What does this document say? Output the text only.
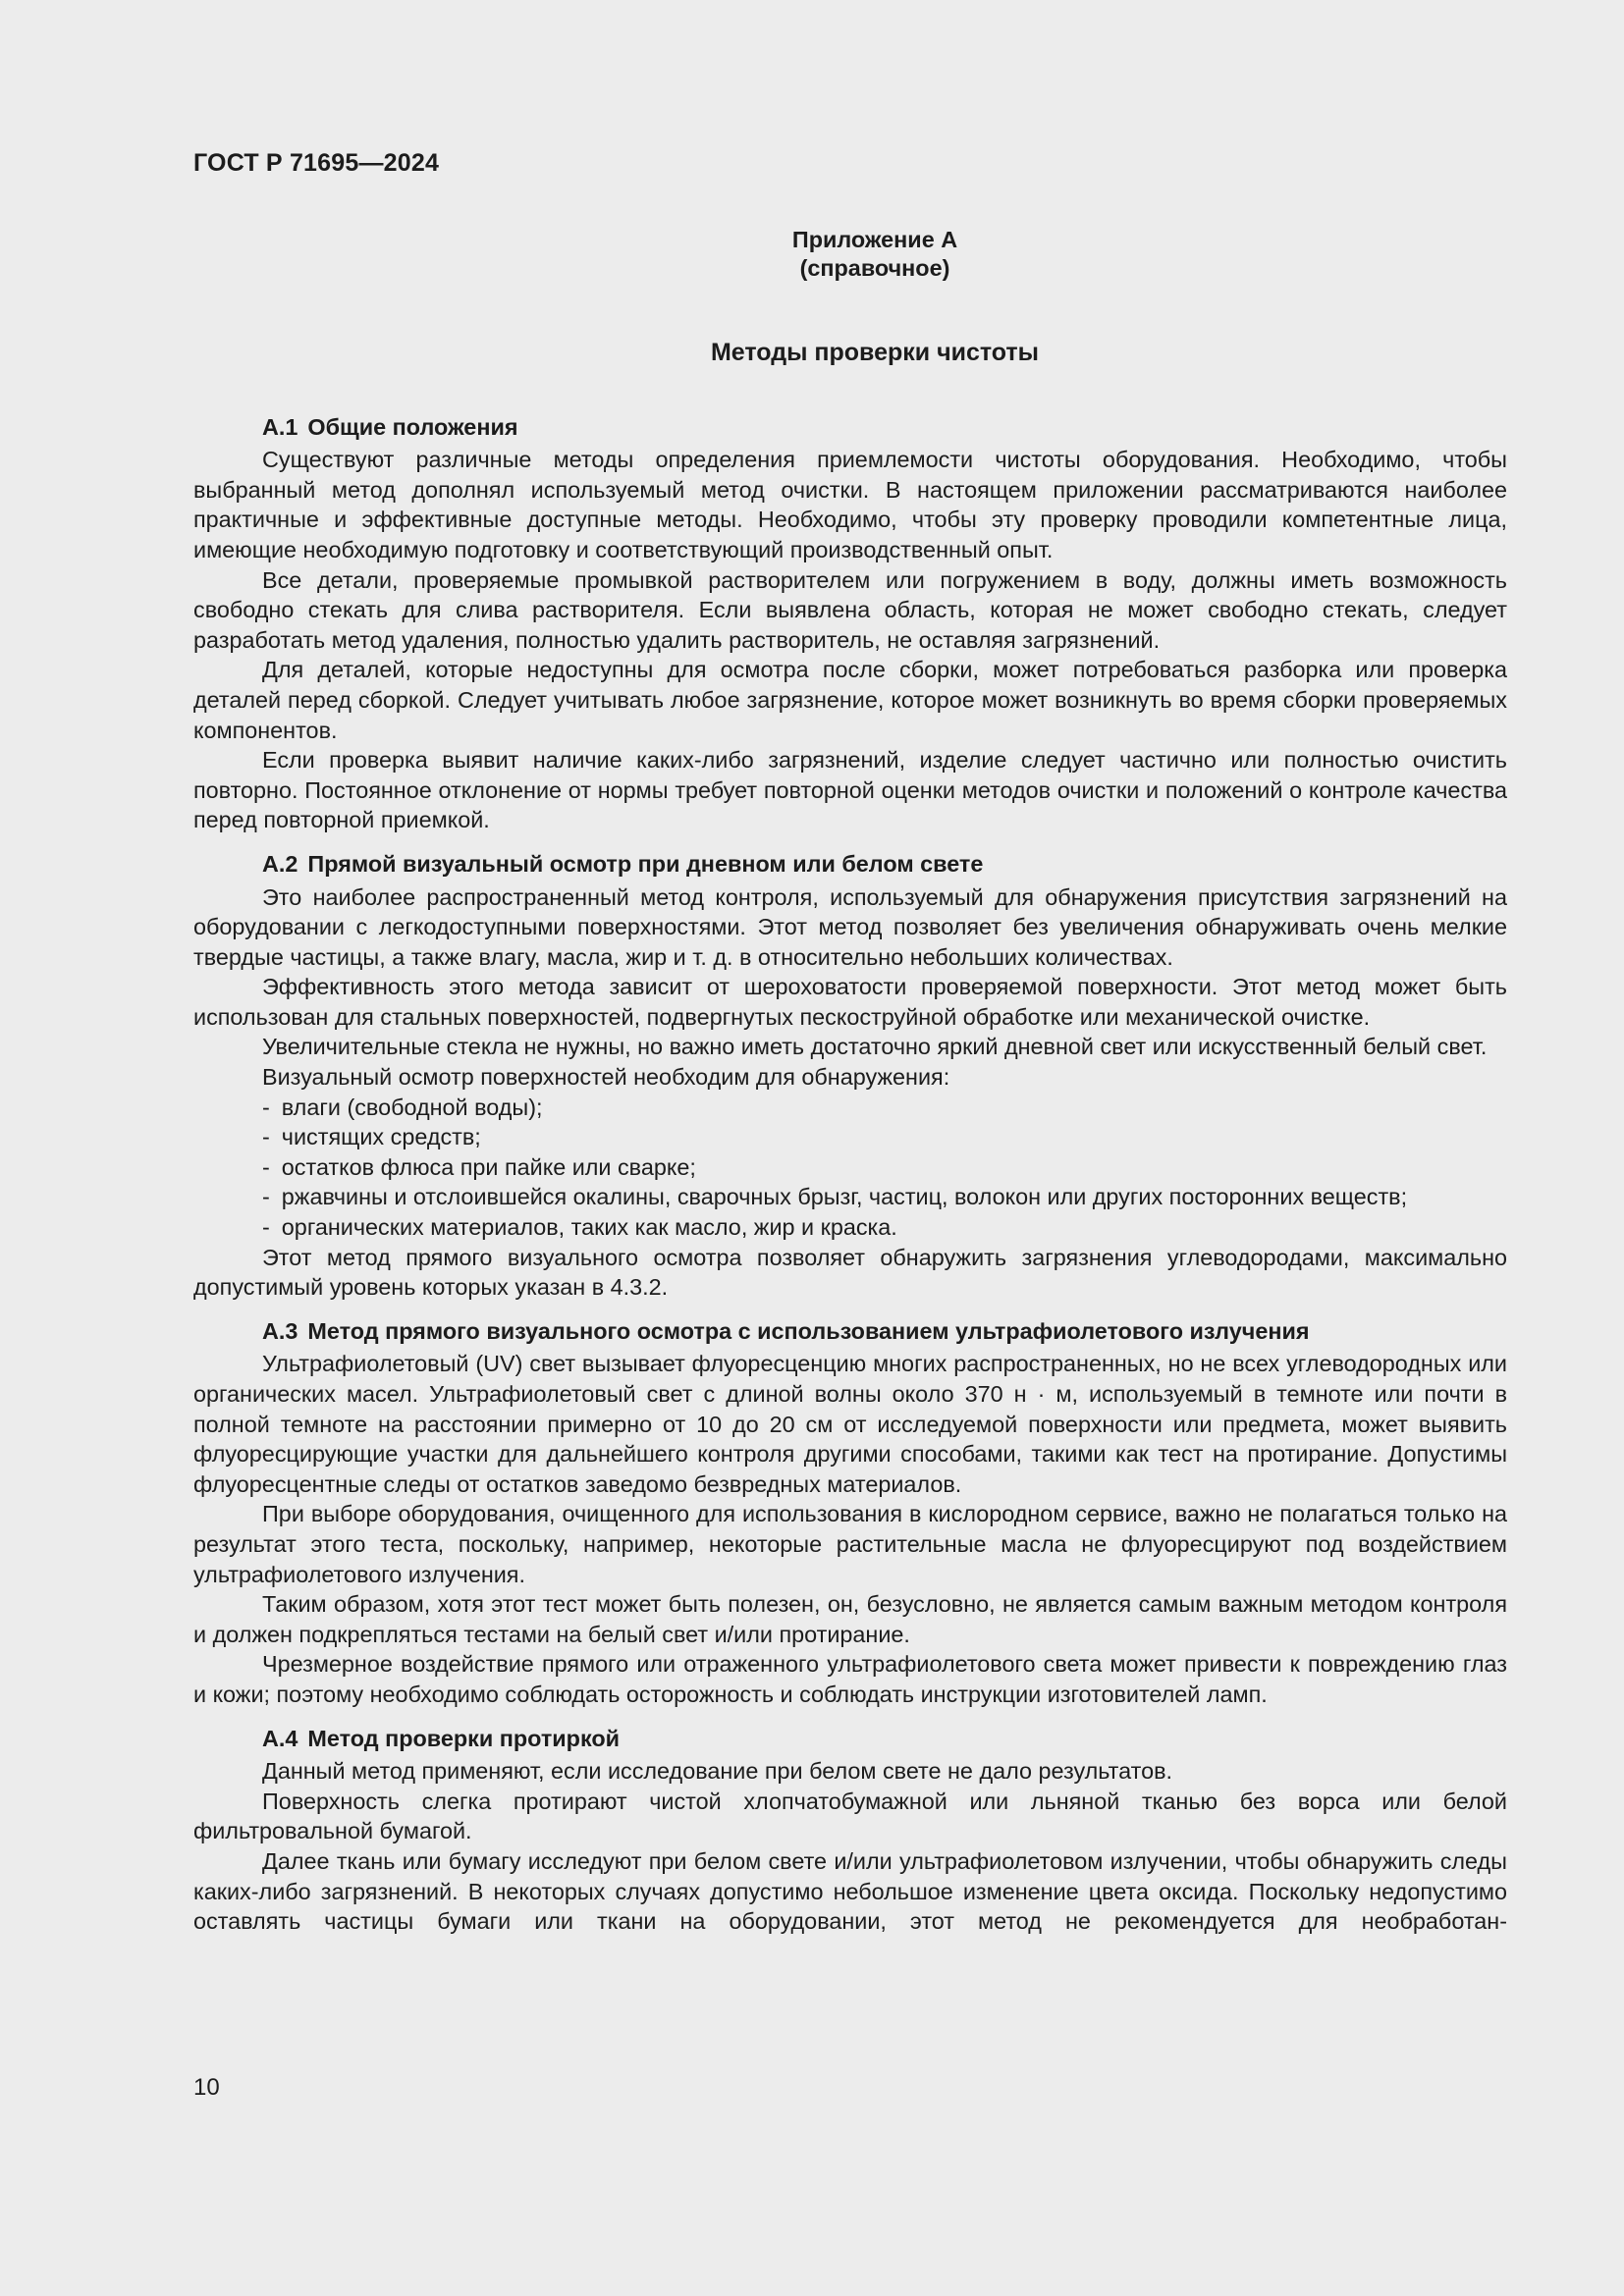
ГОСТ Р 71695—2024
Приложение А
(справочное)
Методы проверки чистоты
А.1 Общие положения

Существуют различные методы определения приемлемости чистоты оборудования. Необходимо, чтобы выбранный метод дополнял используемый метод очистки. В настоящем приложении рассматриваются наиболее практичные и эффективные доступные методы. Необходимо, чтобы эту проверку проводили компетентные лица, имеющие необходимую подготовку и соответствующий производственный опыт.

Все детали, проверяемые промывкой растворителем или погружением в воду, должны иметь возможность свободно стекать для слива растворителя. Если выявлена область, которая не может свободно стекать, следует разработать метод удаления, полностью удалить растворитель, не оставляя загрязнений.

Для деталей, которые недоступны для осмотра после сборки, может потребоваться разборка или проверка деталей перед сборкой. Следует учитывать любое загрязнение, которое может возникнуть во время сборки проверяемых компонентов.

Если проверка выявит наличие каких-либо загрязнений, изделие следует частично или полностью очистить повторно. Постоянное отклонение от нормы требует повторной оценки методов очистки и положений о контроле качества перед повторной приемкой.

А.2 Прямой визуальный осмотр при дневном или белом свете

Это наиболее распространенный метод контроля, используемый для обнаружения присутствия загрязнений на оборудовании с легкодоступными поверхностями. Этот метод позволяет без увеличения обнаруживать очень мелкие твердые частицы, а также влагу, масла, жир и т. д. в относительно небольших количествах.

Эффективность этого метода зависит от шероховатости проверяемой поверхности. Этот метод может быть использован для стальных поверхностей, подвергнутых пескоструйной обработке или механической очистке.

Увеличительные стекла не нужны, но важно иметь достаточно яркий дневной свет или искусственный белый свет.

Визуальный осмотр поверхностей необходим для обнаружения:

- влаги (свободной воды);
- чистящих средств;
- остатков флюса при пайке или сварке;
- ржавчины и отслоившейся окалины, сварочных брызг, частиц, волокон или других посторонних веществ;
- органических материалов, таких как масло, жир и краска.

Этот метод прямого визуального осмотра позволяет обнаружить загрязнения углеводородами, максимально допустимый уровень которых указан в 4.3.2.

А.3 Метод прямого визуального осмотра с использованием ультрафиолетового излучения

Ультрафиолетовый (UV) свет вызывает флуоресценцию многих распространенных, но не всех углеводородных или органических масел. Ультрафиолетовый свет с длиной волны около 370 н · м, используемый в темноте или почти в полной темноте на расстоянии примерно от 10 до 20 см от исследуемой поверхности или предмета, может выявить флуоресцирующие участки для дальнейшего контроля другими способами, такими как тест на протирание. Допустимы флуоресцентные следы от остатков заведомо безвредных материалов.

При выборе оборудования, очищенного для использования в кислородном сервисе, важно не полагаться только на результат этого теста, поскольку, например, некоторые растительные масла не флуоресцируют под воздействием ультрафиолетового излучения.

Таким образом, хотя этот тест может быть полезен, он, безусловно, не является самым важным методом контроля и должен подкрепляться тестами на белый свет и/или протирание.

Чрезмерное воздействие прямого или отраженного ультрафиолетового света может привести к повреждению глаз и кожи; поэтому необходимо соблюдать осторожность и соблюдать инструкции изготовителей ламп.

А.4 Метод проверки протиркой

Данный метод применяют, если исследование при белом свете не дало результатов.

Поверхность слегка протирают чистой хлопчатобумажной или льняной тканью без ворса или белой фильтровальной бумагой.

Далее ткань или бумагу исследуют при белом свете и/или ультрафиолетовом излучении, чтобы обнаружить следы каких-либо загрязнений. В некоторых случаях допустимо небольшое изменение цвета оксида. Поскольку недопустимо оставлять частицы бумаги или ткани на оборудовании, этот метод не рекомендуется для необработан-

10
